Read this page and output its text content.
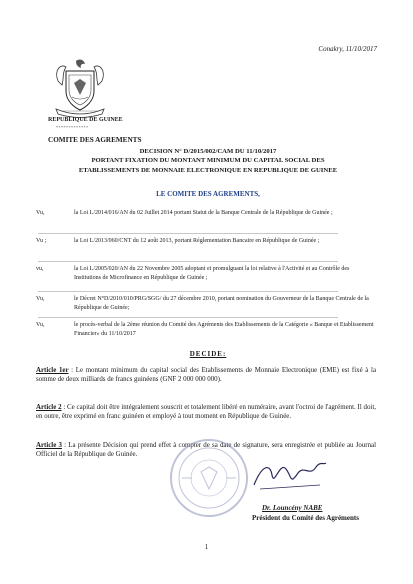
Conakry, 11/10/2017
REPUBLIQUE DE GUINEE
*************
COMITE DES AGREMENTS
DECISION N° D/2015/002/CAM DU 11/10/2017
PORTANT FIXATION DU MONTANT MINIMUM DU CAPITAL SOCIAL DES
ETABLISSEMENTS DE MONNAIE ELECTRONIQUE EN REPUBLIQUE DE GUINEE
LE COMITE DES AGREMENTS,
Vu,	la Loi L/2014/016/AN du 02 Juillet 2014 portant Statut de la Banque Centrale de la République de Guinée ;
Vu ;	la Loi L/2013/060/CNT du 12 août 2013, portant Réglementation Bancaire en République de Guinée ;
vu,	la Loi L/2005/020/AN du 22 Novembre 2005 adoptant et promulguant la loi relative à l'Activité et au Contrôle des Institutions de Microfinance en République de Guinée ;
Vu,	le Décret N°D/2010/010/PRG/SGG/ du 27 décembre 2010, portant nomination du Gouverneur de la Banque Centrale de la République de Guinée;
Vu,	le procès-verbal de la 2ème réunion du Comité des Agréments des Etablissements de la Catégorie « Banque et Etablissement Financier» du 11/10/2017
DECIDE:
Article 1er : Le montant minimum du capital social des Etablissements de Monnaie Electronique (EME) est fixé à la somme de deux milliards de francs guinéens (GNF 2 000 000 000).
Article 2 : Ce capital doit être intégralement souscrit et totalement libéré en numéraire, avant l'octroi de l'agrément. Il doit, en outre, être exprimé en franc guinéen et employé à tout moment en République de Guinée.
Article 3 : La présente Décision qui prend effet à compter de sa date de signature, sera enregistrée et publiée au Journal Officiel de la République de Guinée.
Dr. Louncény NABE
Président du Comité des Agréments
1
